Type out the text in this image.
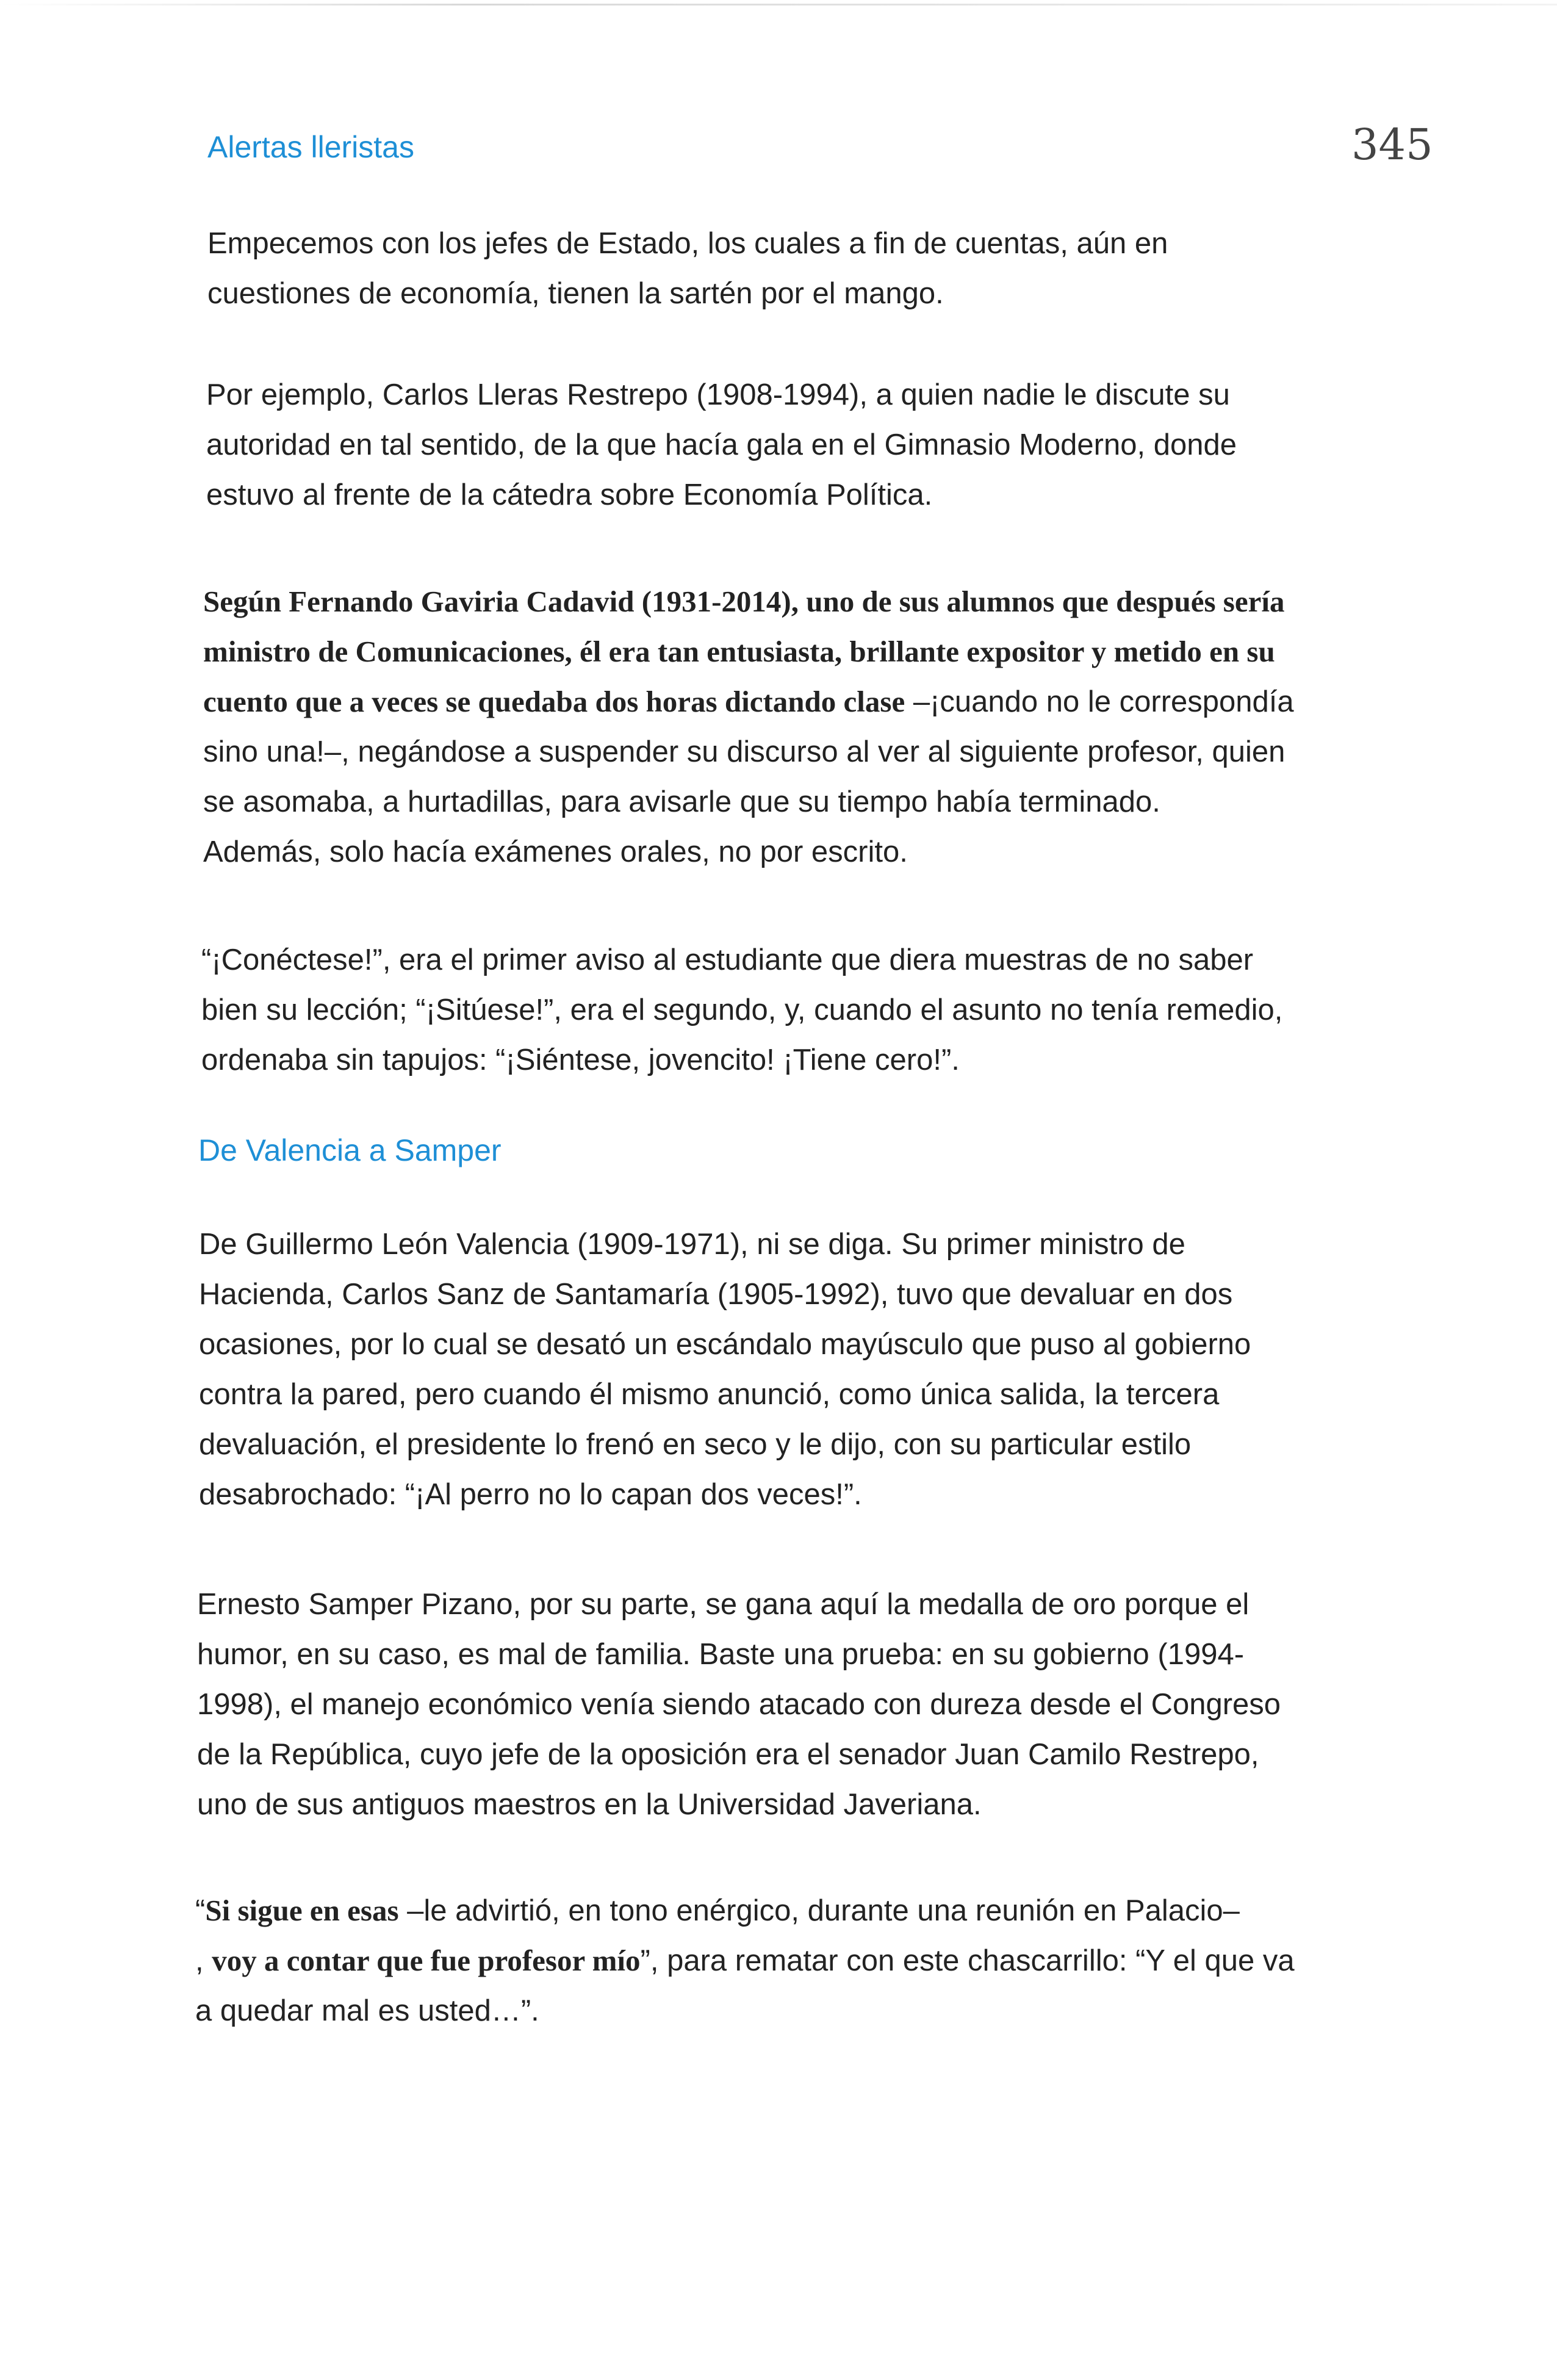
Alertas lleristas	345
Empecemos con los jefes de Estado, los cuales a fin de cuentas, aún en
cuestiones de economía, tienen la sartén por el mango.
Por ejemplo, Carlos Lleras Restrepo (1908-1994), a quien nadie le discute su
autoridad en tal sentido, de la que hacía gala en el Gimnasio Moderno, donde
estuvo al frente de la cátedra sobre Economía Política.
Según Fernando Gaviria Cadavid (1931-2014), uno de sus alumnos que después sería
ministro de Comunicaciones, él era tan entusiasta, brillante expositor y metido en su
cuento que a veces se quedaba dos horas dictando clase –¡cuando no le correspondía
sino una!–, negándose a suspender su discurso al ver al siguiente profesor, quien
se asomaba, a hurtadillas, para avisarle que su tiempo había terminado.
Además, solo hacía exámenes orales, no por escrito.
“¡Conéctese!”, era el primer aviso al estudiante que diera muestras de no saber
bien su lección; “¡Sitúese!”, era el segundo, y, cuando el asunto no tenía remedio,
ordenaba sin tapujos: “¡Siéntese, jovencito! ¡Tiene cero!”.
De Valencia a Samper
De Guillermo León Valencia (1909-1971), ni se diga. Su primer ministro de
Hacienda, Carlos Sanz de Santamaría (1905-1992), tuvo que devaluar en dos
ocasiones, por lo cual se desató un escándalo mayúsculo que puso al gobierno
contra la pared, pero cuando él mismo anunció, como única salida, la tercera
devaluación, el presidente lo frenó en seco y le dijo, con su particular estilo
desabrochado: “¡Al perro no lo capan dos veces!”.
Ernesto Samper Pizano, por su parte, se gana aquí la medalla de oro porque el
humor, en su caso, es mal de familia. Baste una prueba: en su gobierno (1994-
1998), el manejo económico venía siendo atacado con dureza desde el Congreso
de la República, cuyo jefe de la oposición era el senador Juan Camilo Restrepo,
uno de sus antiguos maestros en la Universidad Javeriana.
“Si sigue en esas –le advirtió, en tono enérgico, durante una reunión en Palacio–
, voy a contar que fue profesor mío”, para rematar con este chascarrillo: “Y el que va
a quedar mal es usted…”.
